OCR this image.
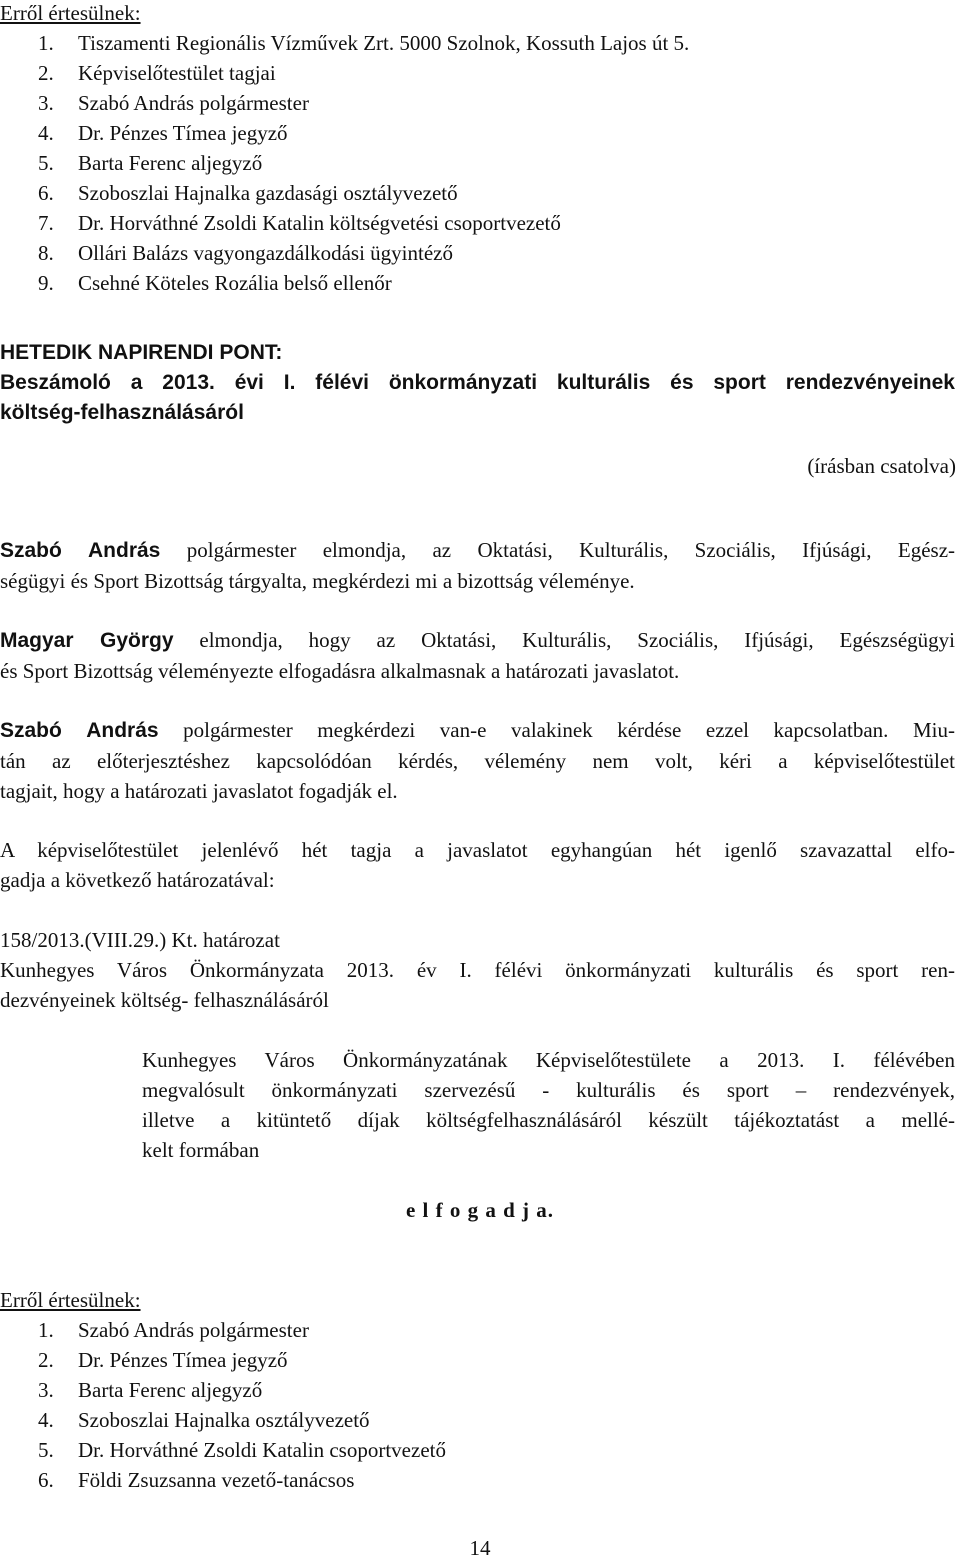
Erről értesülnek:
1.	Tiszamenti Regionális Vízművek Zrt. 5000 Szolnok, Kossuth Lajos út 5.
2.	Képviselőtestület tagjai
3.	Szabó András polgármester
4.	Dr. Pénzes Tímea jegyző
5.	Barta Ferenc aljegyző
6.	Szoboszlai Hajnalka gazdasági osztályvezető
7.	Dr. Horváthné Zsoldi Katalin költségvetési csoportvezető
8.	Ollári Balázs vagyongazdálkodási ügyintéző
9.	Csehné Köteles Rozália belső ellenőr
HETEDIK NAPIRENDI PONT:
Beszámoló a 2013. évi I. félévi önkormányzati kulturális és sport rendezvényeinek
költség-felhasználásáról
(írásban csatolva)
Szabó András polgármester elmondja, az Oktatási, Kulturális, Szociális, Ifjúsági, Egész-
ségügyi és Sport Bizottság tárgyalta, megkérdezi mi a bizottság véleménye.
Magyar György elmondja, hogy az Oktatási, Kulturális, Szociális, Ifjúsági, Egészségügyi
és Sport Bizottság véleményezte elfogadásra alkalmasnak a határozati javaslatot.
Szabó András polgármester megkérdezi van-e valakinek kérdése ezzel kapcsolatban. Miu-
tán az előterjesztéshez kapcsolódóan kérdés, vélemény nem volt, kéri a képviselőtestület
tagjait, hogy a határozati javaslatot fogadják el.
A képviselőtestület jelenlévő hét tagja a javaslatot egyhangúan hét igenlő szavazattal elfo-
gadja a következő határozatával:
158/2013.(VIII.29.) Kt. határozat
Kunhegyes Város Önkormányzata 2013. év I. félévi önkormányzati kulturális és sport ren-
dezvényeinek költség- felhasználásáról
Kunhegyes Város Önkormányzatának Képviselőtestülete a 2013. I. félévében
megvalósult önkormányzati szervezésű - kulturális és sport – rendezvények,
illetve a kitüntető díjak költségfelhasználásáról készült tájékoztatást a mellé-
kelt formában
e l f o g a d j a.
Erről értesülnek:
1.	Szabó András polgármester
2.	Dr. Pénzes Tímea jegyző
3.	Barta Ferenc aljegyző
4.	Szoboszlai Hajnalka osztályvezető
5.	Dr. Horváthné Zsoldi Katalin csoportvezető
6.	Földi Zsuzsanna vezető-tanácsos
14
